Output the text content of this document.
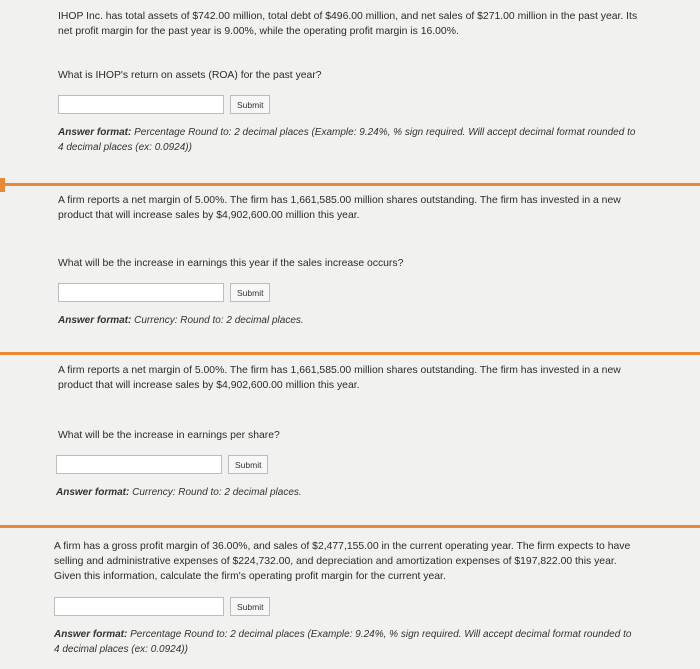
IHOP Inc. has total assets of $742.00 million, total debt of $496.00 million, and net sales of $271.00 million in the past year. Its net profit margin for the past year is 9.00%, while the operating profit margin is 16.00%.
What is IHOP's return on assets (ROA) for the past year?
Submit
Answer format: Percentage Round to: 2 decimal places (Example: 9.24%, % sign required. Will accept decimal format rounded to 4 decimal places (ex: 0.0924))
A firm reports a net margin of 5.00%. The firm has 1,661,585.00 million shares outstanding. The firm has invested in a new product that will increase sales by $4,902,600.00 million this year.
What will be the increase in earnings this year if the sales increase occurs?
Submit
Answer format: Currency: Round to: 2 decimal places.
A firm reports a net margin of 5.00%. The firm has 1,661,585.00 million shares outstanding. The firm has invested in a new product that will increase sales by $4,902,600.00 million this year.
What will be the increase in earnings per share?
Submit
Answer format: Currency: Round to: 2 decimal places.
A firm has a gross profit margin of 36.00%, and sales of $2,477,155.00 in the current operating year. The firm expects to have selling and administrative expenses of $224,732.00, and depreciation and amortization expenses of $197,822.00 this year. Given this information, calculate the firm's operating profit margin for the current year.
Submit
Answer format: Percentage Round to: 2 decimal places (Example: 9.24%, % sign required. Will accept decimal format rounded to 4 decimal places (ex: 0.0924))
